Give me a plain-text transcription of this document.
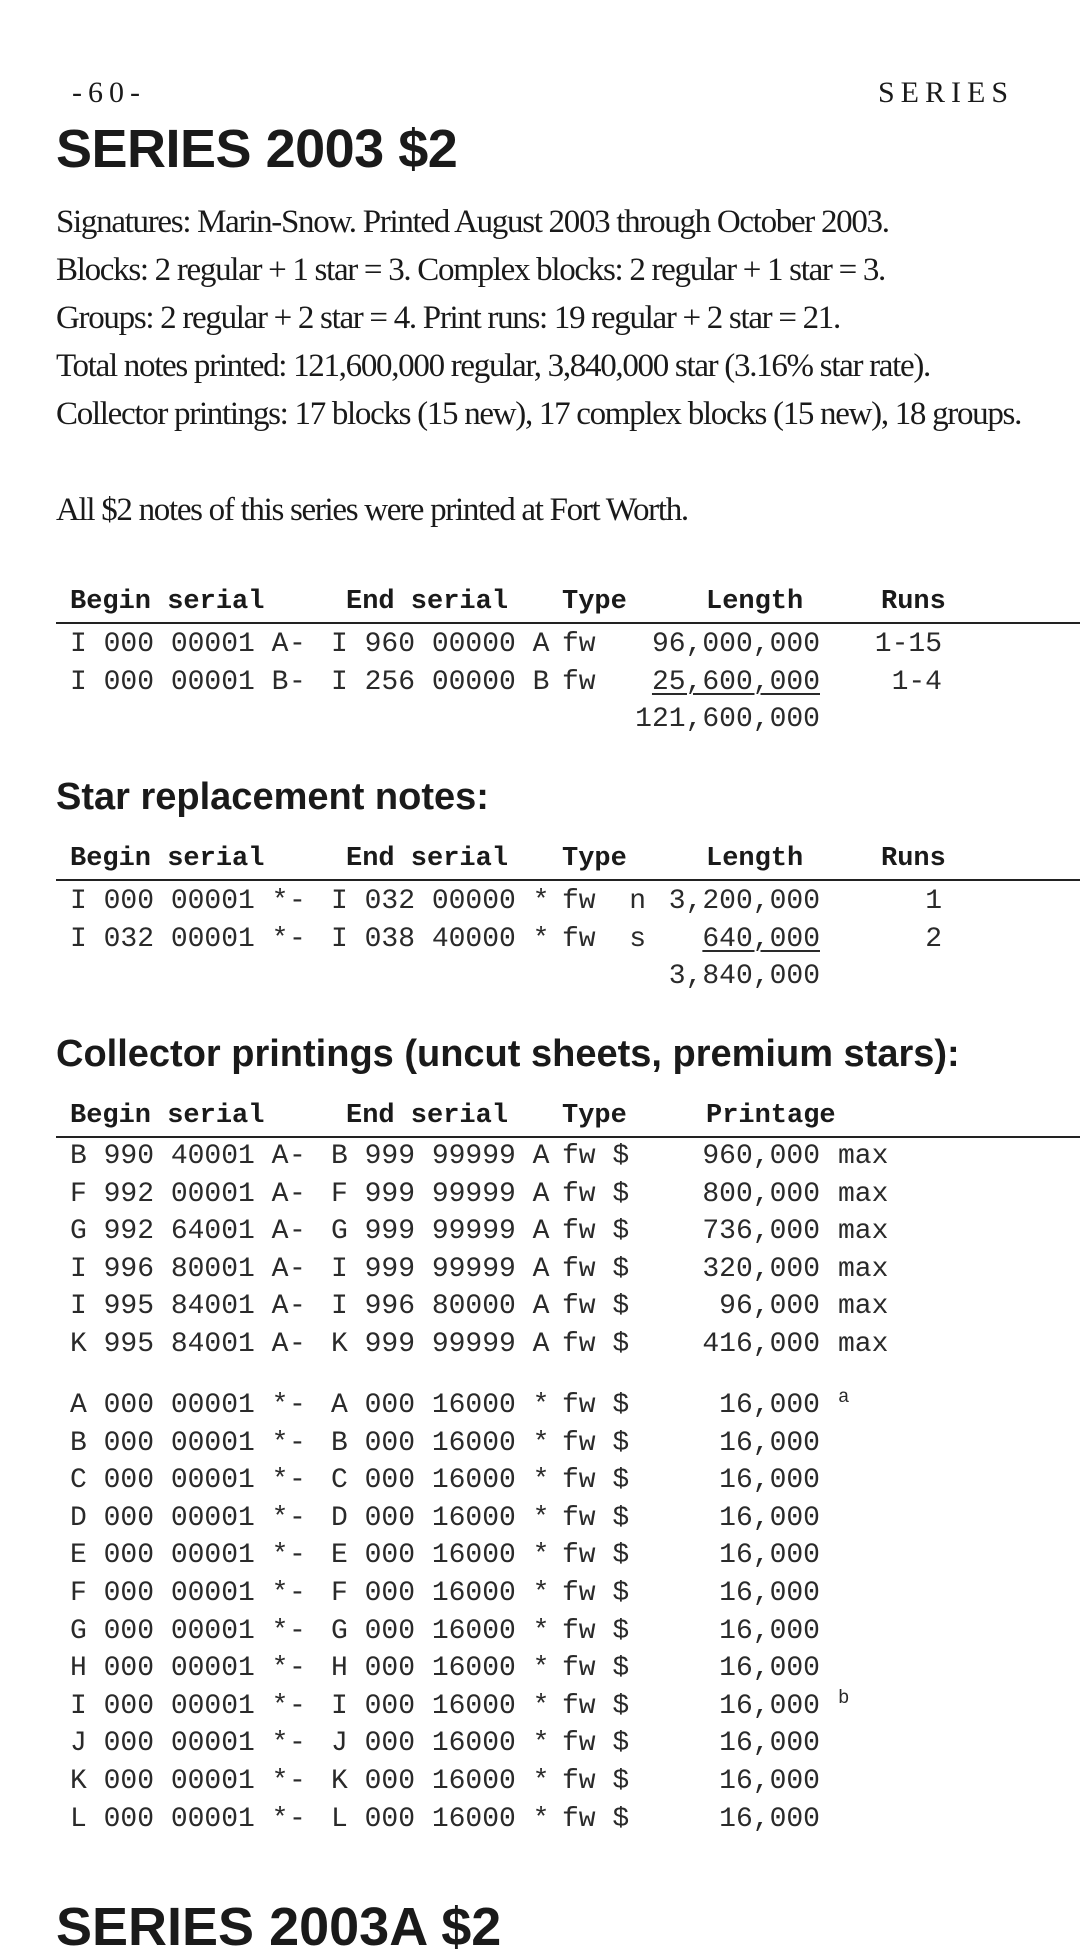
-60-	SERIES
SERIES 2003 $2
Signatures: Marin-Snow. Printed August 2003 through October 2003.
Blocks: 2 regular + 1 star = 3. Complex blocks: 2 regular + 1 star = 3.
Groups: 2 regular + 2 star = 4. Print runs: 19 regular + 2 star = 21.
Total notes printed: 121,600,000 regular, 3,840,000 star (3.16% star rate).
Collector printings: 17 blocks (15 new), 17 complex blocks (15 new), 18 groups.
All $2 notes of this series were printed at Fort Worth.
Begin serial	End serial Type	Length	Runs
I 000 00001 A - I 960 00000 A fw 96,000,000 1-15
I 000 00001 B - I 256 00000 B fw 25,600,000	1-4
121,600,000
Star replacement notes:
Begin serial	End serial Type	Length	Runs
I 000 00001 * - I 032 00000 * fw  n 3,200,000	1
I 032 00001 * - I 038 40000 * fw  s 640,000	2
3,840,000
Collector printings (uncut sheets, premium stars):
Begin serial	End serial Type	Printage
B 990 40001 A - B 999 99999 A fw $	960,000 max
F 992 00001 A - F 999 99999 A fw $	800,000 max
G 992 64001 A - G 999 99999 A fw $	736,000 max
I 996 80001 A - I 999 99999 A fw $	320,000 max
I 995 84001 A - I 996 80000 A fw $	96,000 max
K 995 84001 A - K 999 99999 A fw $	416,000 max
A 000 00001 * - A 000 16000 * fw $	16,000 a
B 000 00001 * - B 000 16000 * fw $	16,000
C 000 00001 * - C 000 16000 * fw $	16,000
D 000 00001 * - D 000 16000 * fw $	16,000
E 000 00001 * - E 000 16000 * fw $	16,000
F 000 00001 * - F 000 16000 * fw $	16,000
G 000 00001 * - G 000 16000 * fw $	16,000
H 000 00001 * - H 000 16000 * fw $	16,000
I 000 00001 * - I 000 16000 * fw $	16,000 b
J 000 00001 * - J 000 16000 * fw $	16,000
K 000 00001 * - K 000 16000 * fw $	16,000
L 000 00001 * - L 000 16000 * fw $	16,000
SERIES 2003A $2
